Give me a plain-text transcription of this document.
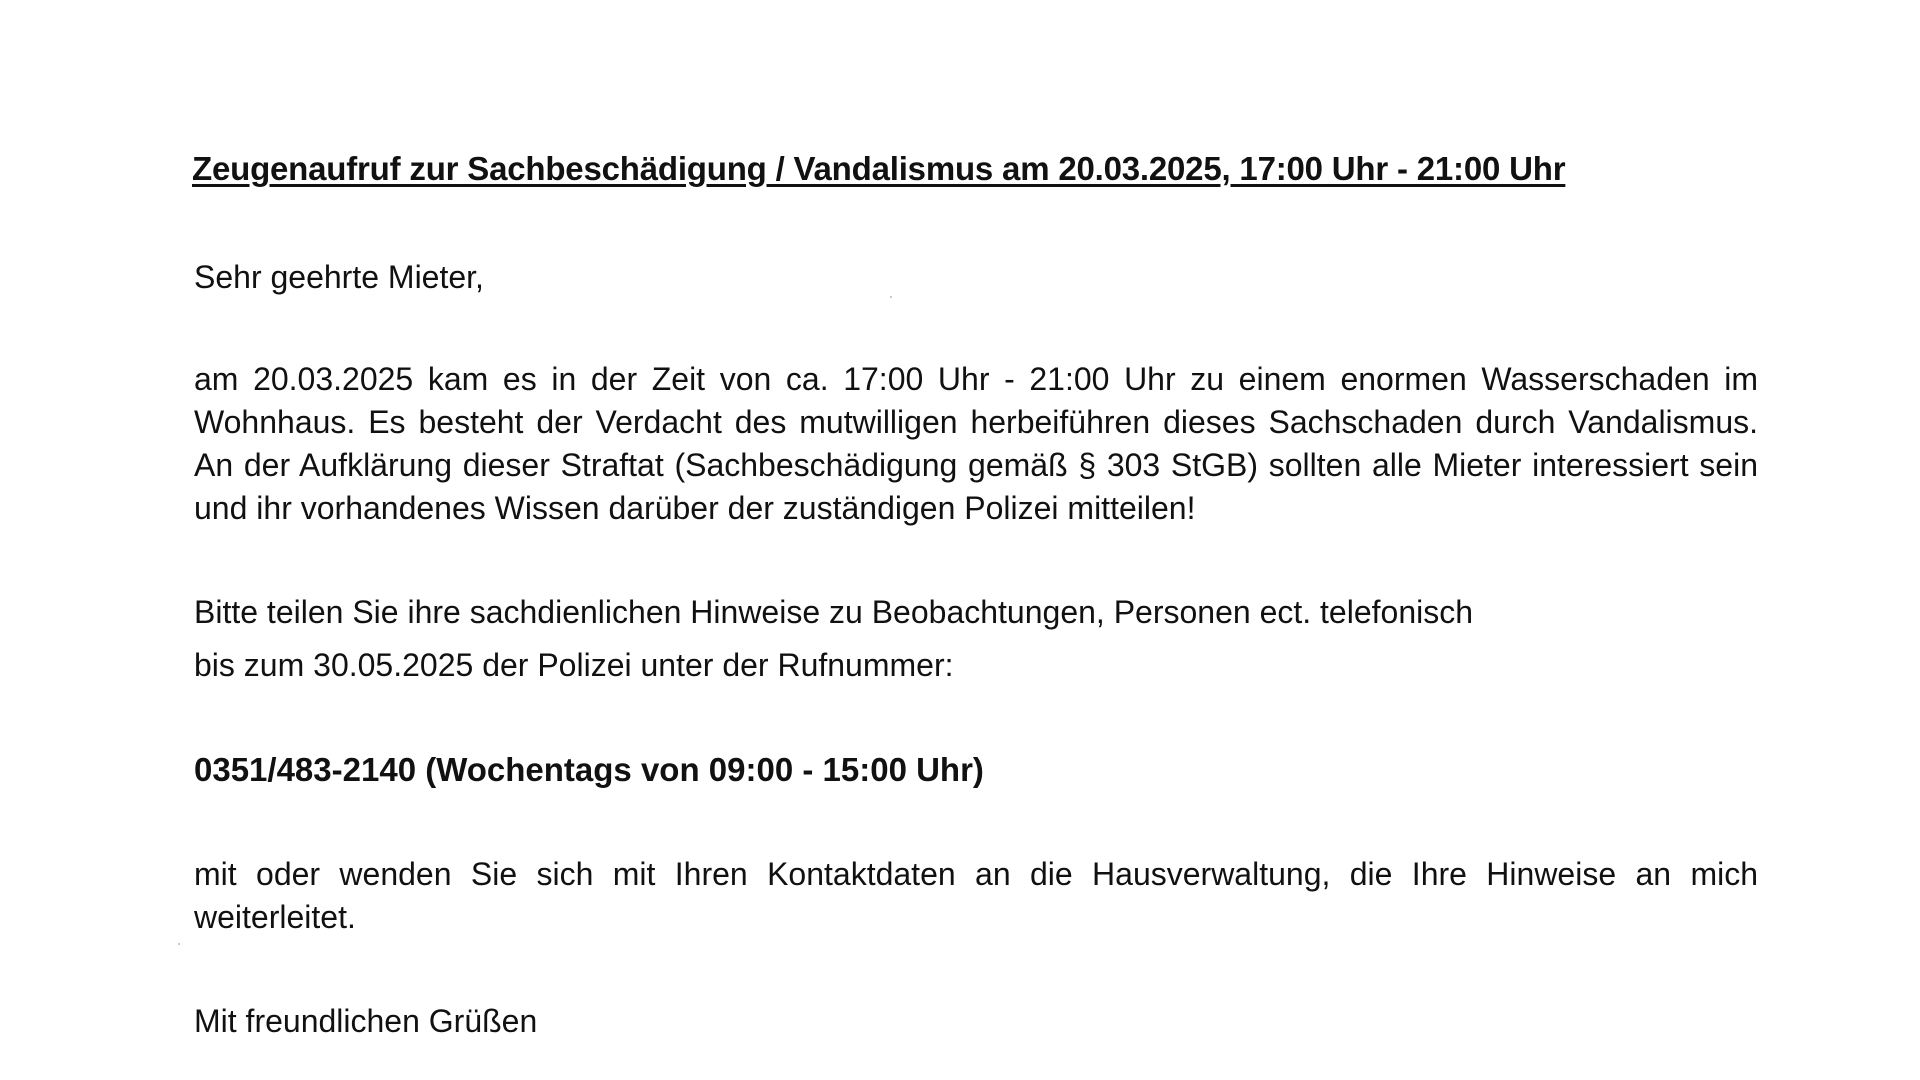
Zeugenaufruf zur Sachbeschädigung / Vandalismus am 20.03.2025, 17:00 Uhr - 21:00 Uhr
Sehr geehrte Mieter,
am 20.03.2025 kam es in der Zeit von ca. 17:00 Uhr - 21:00 Uhr zu einem enormen Wasserschaden im Wohnhaus. Es besteht der Verdacht des mutwilligen herbeiführen dieses Sachschaden durch Vandalismus. An der Aufklärung dieser Straftat (Sachbeschädigung gemäß § 303 StGB) sollten alle Mieter interessiert sein und ihr vorhandenes Wissen darüber der zuständigen Polizei mitteilen!
Bitte teilen Sie ihre sachdienlichen Hinweise zu Beobachtungen, Personen ect. telefonisch
bis zum 30.05.2025 der Polizei unter der Rufnummer:
0351/483-2140 (Wochentags von 09:00 - 15:00 Uhr)
mit oder wenden Sie sich mit Ihren Kontaktdaten an die Hausverwaltung, die Ihre Hinweise an mich weiterleitet.
Mit freundlichen Grüßen
